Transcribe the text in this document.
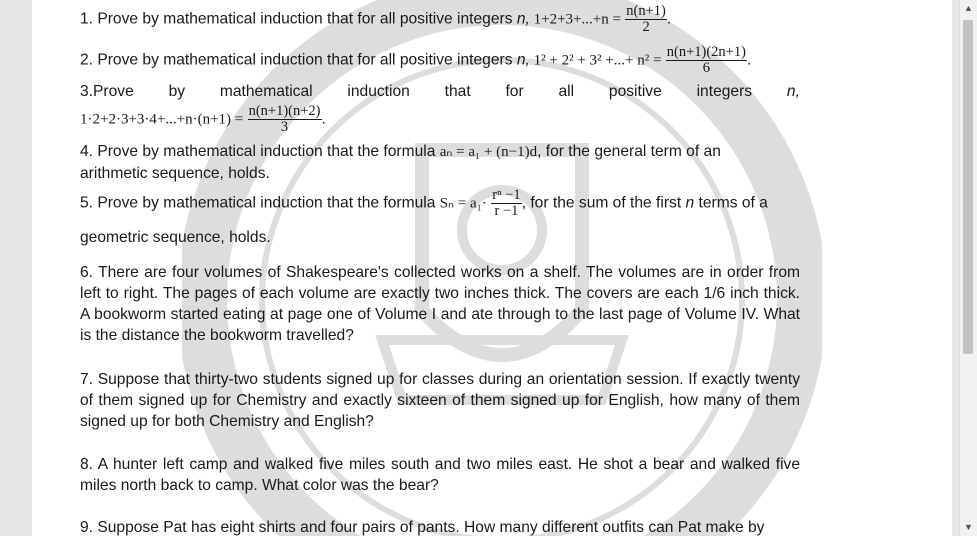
1. Prove by mathematical induction that for all positive integers n, $1+2+3+...+n = \frac{n(n+1)}{2}$ .
2. Prove by mathematical induction that for all positive integers n, 1² + 2² + 3² +...+ $n^2 = \frac{n(n+1)(2n+1)}{6}$ .
3.Prove by mathematical induction that for all positive integers n,
$1\cdot 2+2\cdot 3+3\cdot 4+...+n\cdot(n+1) = \frac{n(n+1)(n+2)}{3}$ .
4. Prove by mathematical induction that the formula aₙ = a₁ + (n−1)d, for the general term of an
arithmetic sequence, holds.
5. Prove by mathematical induction that the formula $S_n = a_1\cdot \frac{\text{rⁿ −1}}{r -1}$ , for the sum of the first n terms of a
geometric sequence, holds.
6. There are four volumes of Shakespeare's collected works on a shelf. The volumes are in order from left to right. The pages of each volume are exactly two inches thick. The covers are each 1/6 inch thick. A bookworm started eating at page one of Volume I and ate through to the last page of Volume IV. What is the distance the bookworm travelled?
7. Suppose that thirty-two students signed up for classes during an orientation session. If exactly twenty of them signed up for Chemistry and exactly sixteen of them signed up for English, how many of them signed up for both Chemistry and English?
8. A hunter left camp and walked five miles south and two miles east. He shot a bear and walked five miles north back to camp. What color was the bear?
9. Suppose Pat has eight shirts and four pairs of pants. How many different outfits can Pat make by
▲
▼
